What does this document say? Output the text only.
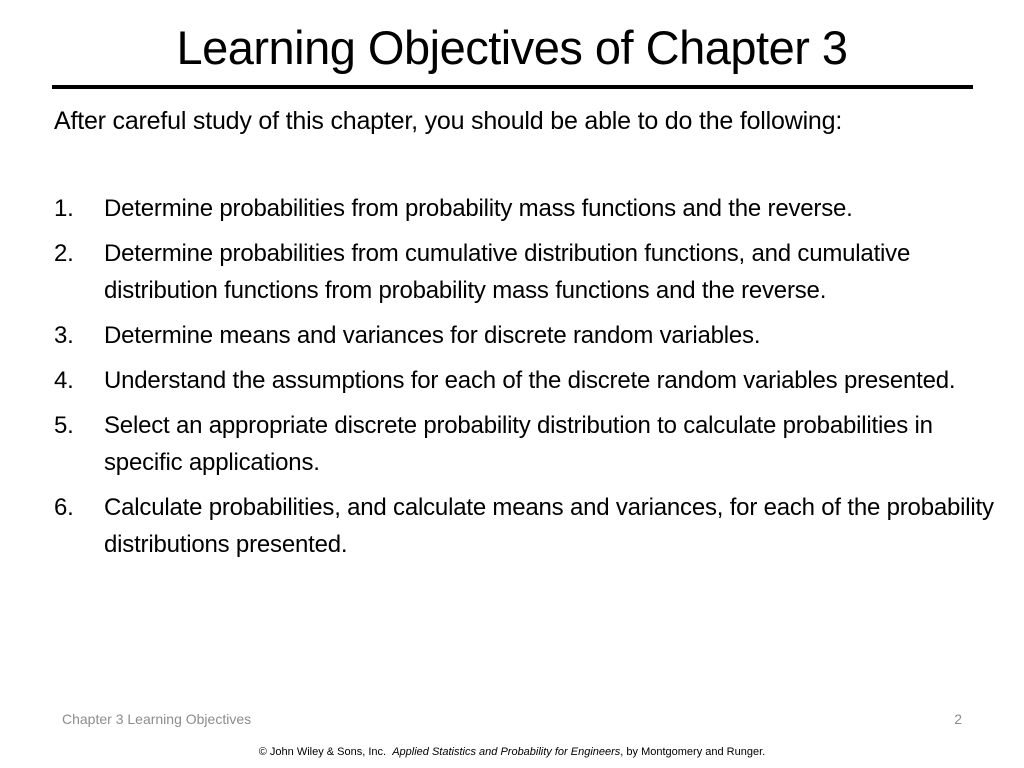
Learning Objectives of Chapter 3
After careful study of this chapter, you should be able to do the following:
1.	Determine probabilities from probability mass functions and the reverse.
2.	Determine probabilities from cumulative distribution functions, and cumulative distribution functions from probability mass functions and the reverse.
3.	Determine means and variances for discrete random variables.
4.	Understand the assumptions for each of the discrete random variables presented.
5.	Select an appropriate discrete probability distribution to calculate probabilities in specific applications.
6.	Calculate probabilities, and calculate means and variances, for each of the probability distributions presented.
Chapter 3 Learning Objectives	2
© John Wiley & Sons, Inc. Applied Statistics and Probability for Engineers, by Montgomery and Runger.
